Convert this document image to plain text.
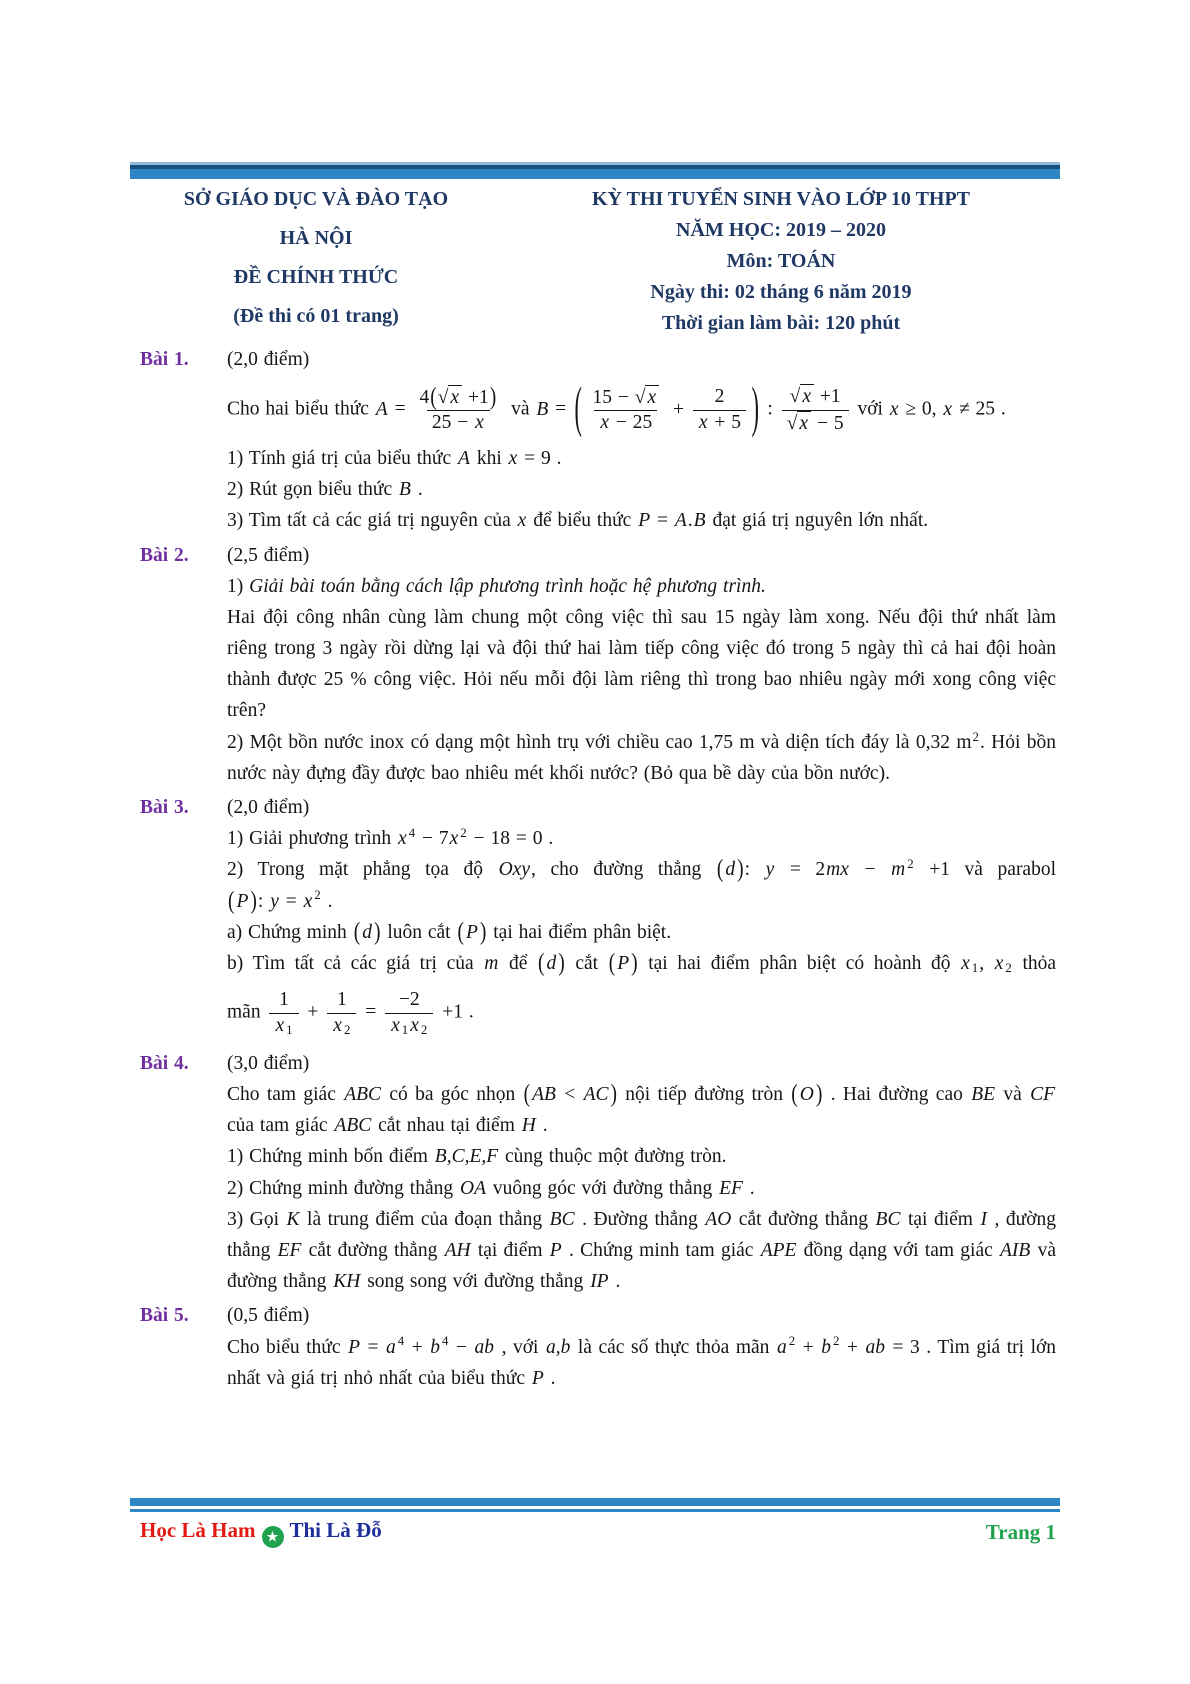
SỞ GIÁO DỤC VÀ ĐÀO TẠO
HÀ NỘI
ĐỀ CHÍNH THỨC
(Đề thi có 01 trang)
KỲ THI TUYỂN SINH VÀO LỚP 10 THPT
NĂM HỌC: 2019 – 2020
Môn: TOÁN
Ngày thi: 02 tháng 6 năm 2019
Thời gian làm bài: 120 phút
Bài 1. (2,0 điểm)
Cho hai biểu thức $A = \frac{4(√ x +1)}{25 - x}$ và B = ( $\frac{15 - √ x}{x - 25} + \frac{2}{x + 5}$ ) : $\frac{√ x +1}{√ x - 5}$ với x ≥ 0, x ≠ 25 .
1) Tính giá trị của biểu thức A khi x = 9 .
2) Rút gọn biểu thức B .
3) Tìm tất cả các giá trị nguyên của x để biểu thức P = A.B đạt giá trị nguyên lớn nhất.
Bài 2. (2,5 điểm)
1) Giải bài toán bằng cách lập phương trình hoặc hệ phương trình.
Hai đội công nhân cùng làm chung một công việc thì sau 15 ngày làm xong. Nếu đội thứ nhất làm riêng trong 3 ngày rồi dừng lại và đội thứ hai làm tiếp công việc đó trong 5 ngày thì cả hai đội hoàn thành được 25 % công việc. Hỏi nếu mỗi đội làm riêng thì trong bao nhiêu ngày mới xong công việc trên?
2) Một bồn nước inox có dạng một hình trụ với chiều cao 1,75 m và diện tích đáy là 0,32 $m^2$. Hỏi bồn nước này đựng đầy được bao nhiêu mét khối nước? (Bỏ qua bề dày của bồn nước).
Bài 3. (2,0 điểm)
1) Giải phương trình x $^4$ − 7x $^2$ − 18 = 0 .
2) Trong mặt phẳng tọa độ Oxy, cho đường thẳng ( d ): y = 2mx − m $^2$ +1 và parabol
( P ): y = x $^2$ .
a) Chứng minh ( d ) luôn cắt ( P ) tại hai điểm phân biệt.
b) Tìm tất cả các giá trị của m để ( d ) cắt ( P ) tại hai điểm phân biệt có hoành độ x $_1$, x $_2$ thỏa
mãn $\frac{1}{x _1} + \frac{1}{x _2} = \frac{-2}{x _1 x _2} +1$ .
Bài 4. (3,0 điểm)
Cho tam giác ABC có ba góc nhọn ( AB < AC ) nội tiếp đường tròn ( O ) . Hai đường cao BE và CF của tam giác ABC cắt nhau tại điểm H .
1) Chứng minh bốn điểm B,C,E,F cùng thuộc một đường tròn.
2) Chứng minh đường thẳng OA vuông góc với đường thẳng EF .
3) Gọi K là trung điểm của đoạn thẳng BC . Đường thẳng AO cắt đường thẳng BC tại điểm I , đường thẳng EF cắt đường thẳng AH tại điểm P . Chứng minh tam giác APE đồng dạng với tam giác AIB và đường thẳng KH song song với đường thẳng IP .
Bài 5. (0,5 điểm)
Cho biểu thức P = a $^4$ + b $^4$ − ab , với a,b là các số thực thỏa mãn a $^2$ + b $^2$ + ab = 3 . Tìm giá trị lớn nhất và giá trị nhỏ nhất của biểu thức P .
Học Là Ham ★ Thi Là Đỗ	Trang 1
